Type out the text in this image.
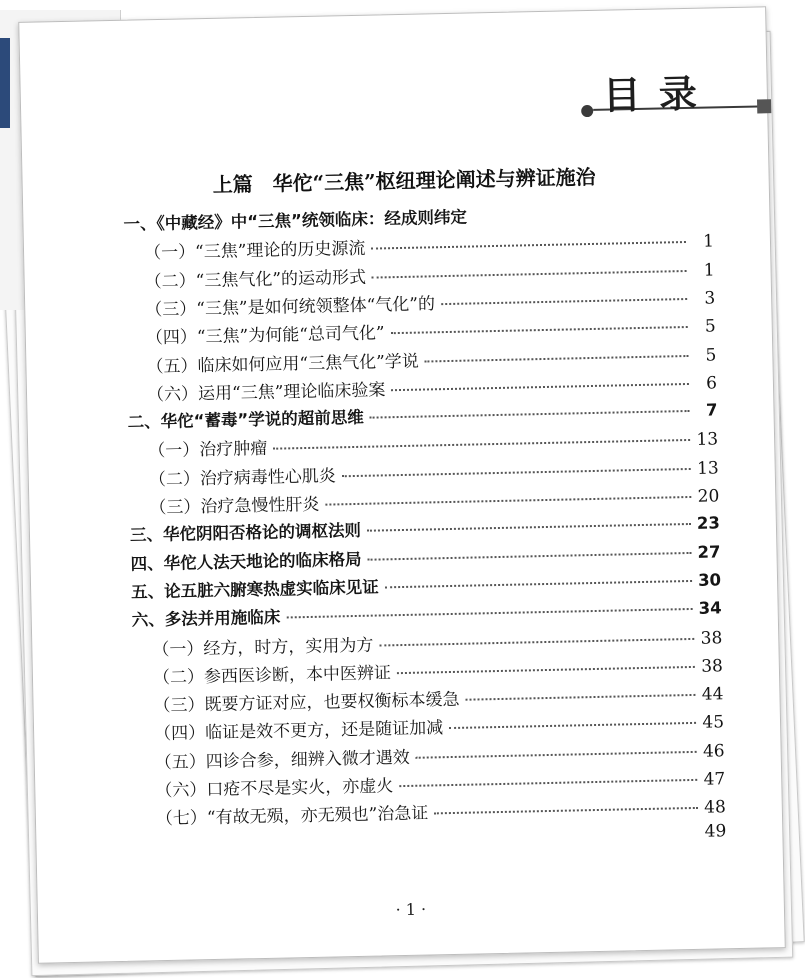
目录
上篇　华佗“三焦”枢纽理论阐述与辨证施治
一、《中藏经》中“三焦”统领临床：经成则纬定
（一）“三焦”理论的历史源流	1
（二）“三焦气化”的运动形式	1
（三）“三焦”是如何统领整体“气化”的	3
（四）“三焦”为何能“总司气化”	5
（五）临床如何应用“三焦气化”学说	5
（六）运用“三焦”理论临床验案	6
二、华佗“蓄毒”学说的超前思维	7
（一）治疗肿瘤	13
（二）治疗病毒性心肌炎	13
（三）治疗急慢性肝炎	20
三、华佗阴阳否格论的调枢法则	23
四、华佗人法天地论的临床格局	27
五、论五脏六腑寒热虚实临床见证	30
六、多法并用施临床	34
（一）经方，时方，实用为方	38
（二）参西医诊断，本中医辨证	38
（三）既要方证对应，也要权衡标本缓急	44
（四）临证是效不更方，还是随证加减	45
（五）四诊合参，细辨入微才遇效	46
（六）口疮不尽是实火，亦虚火	47
（七）“有故无殒，亦无殒也”治急证	48
49
· 1 ·
